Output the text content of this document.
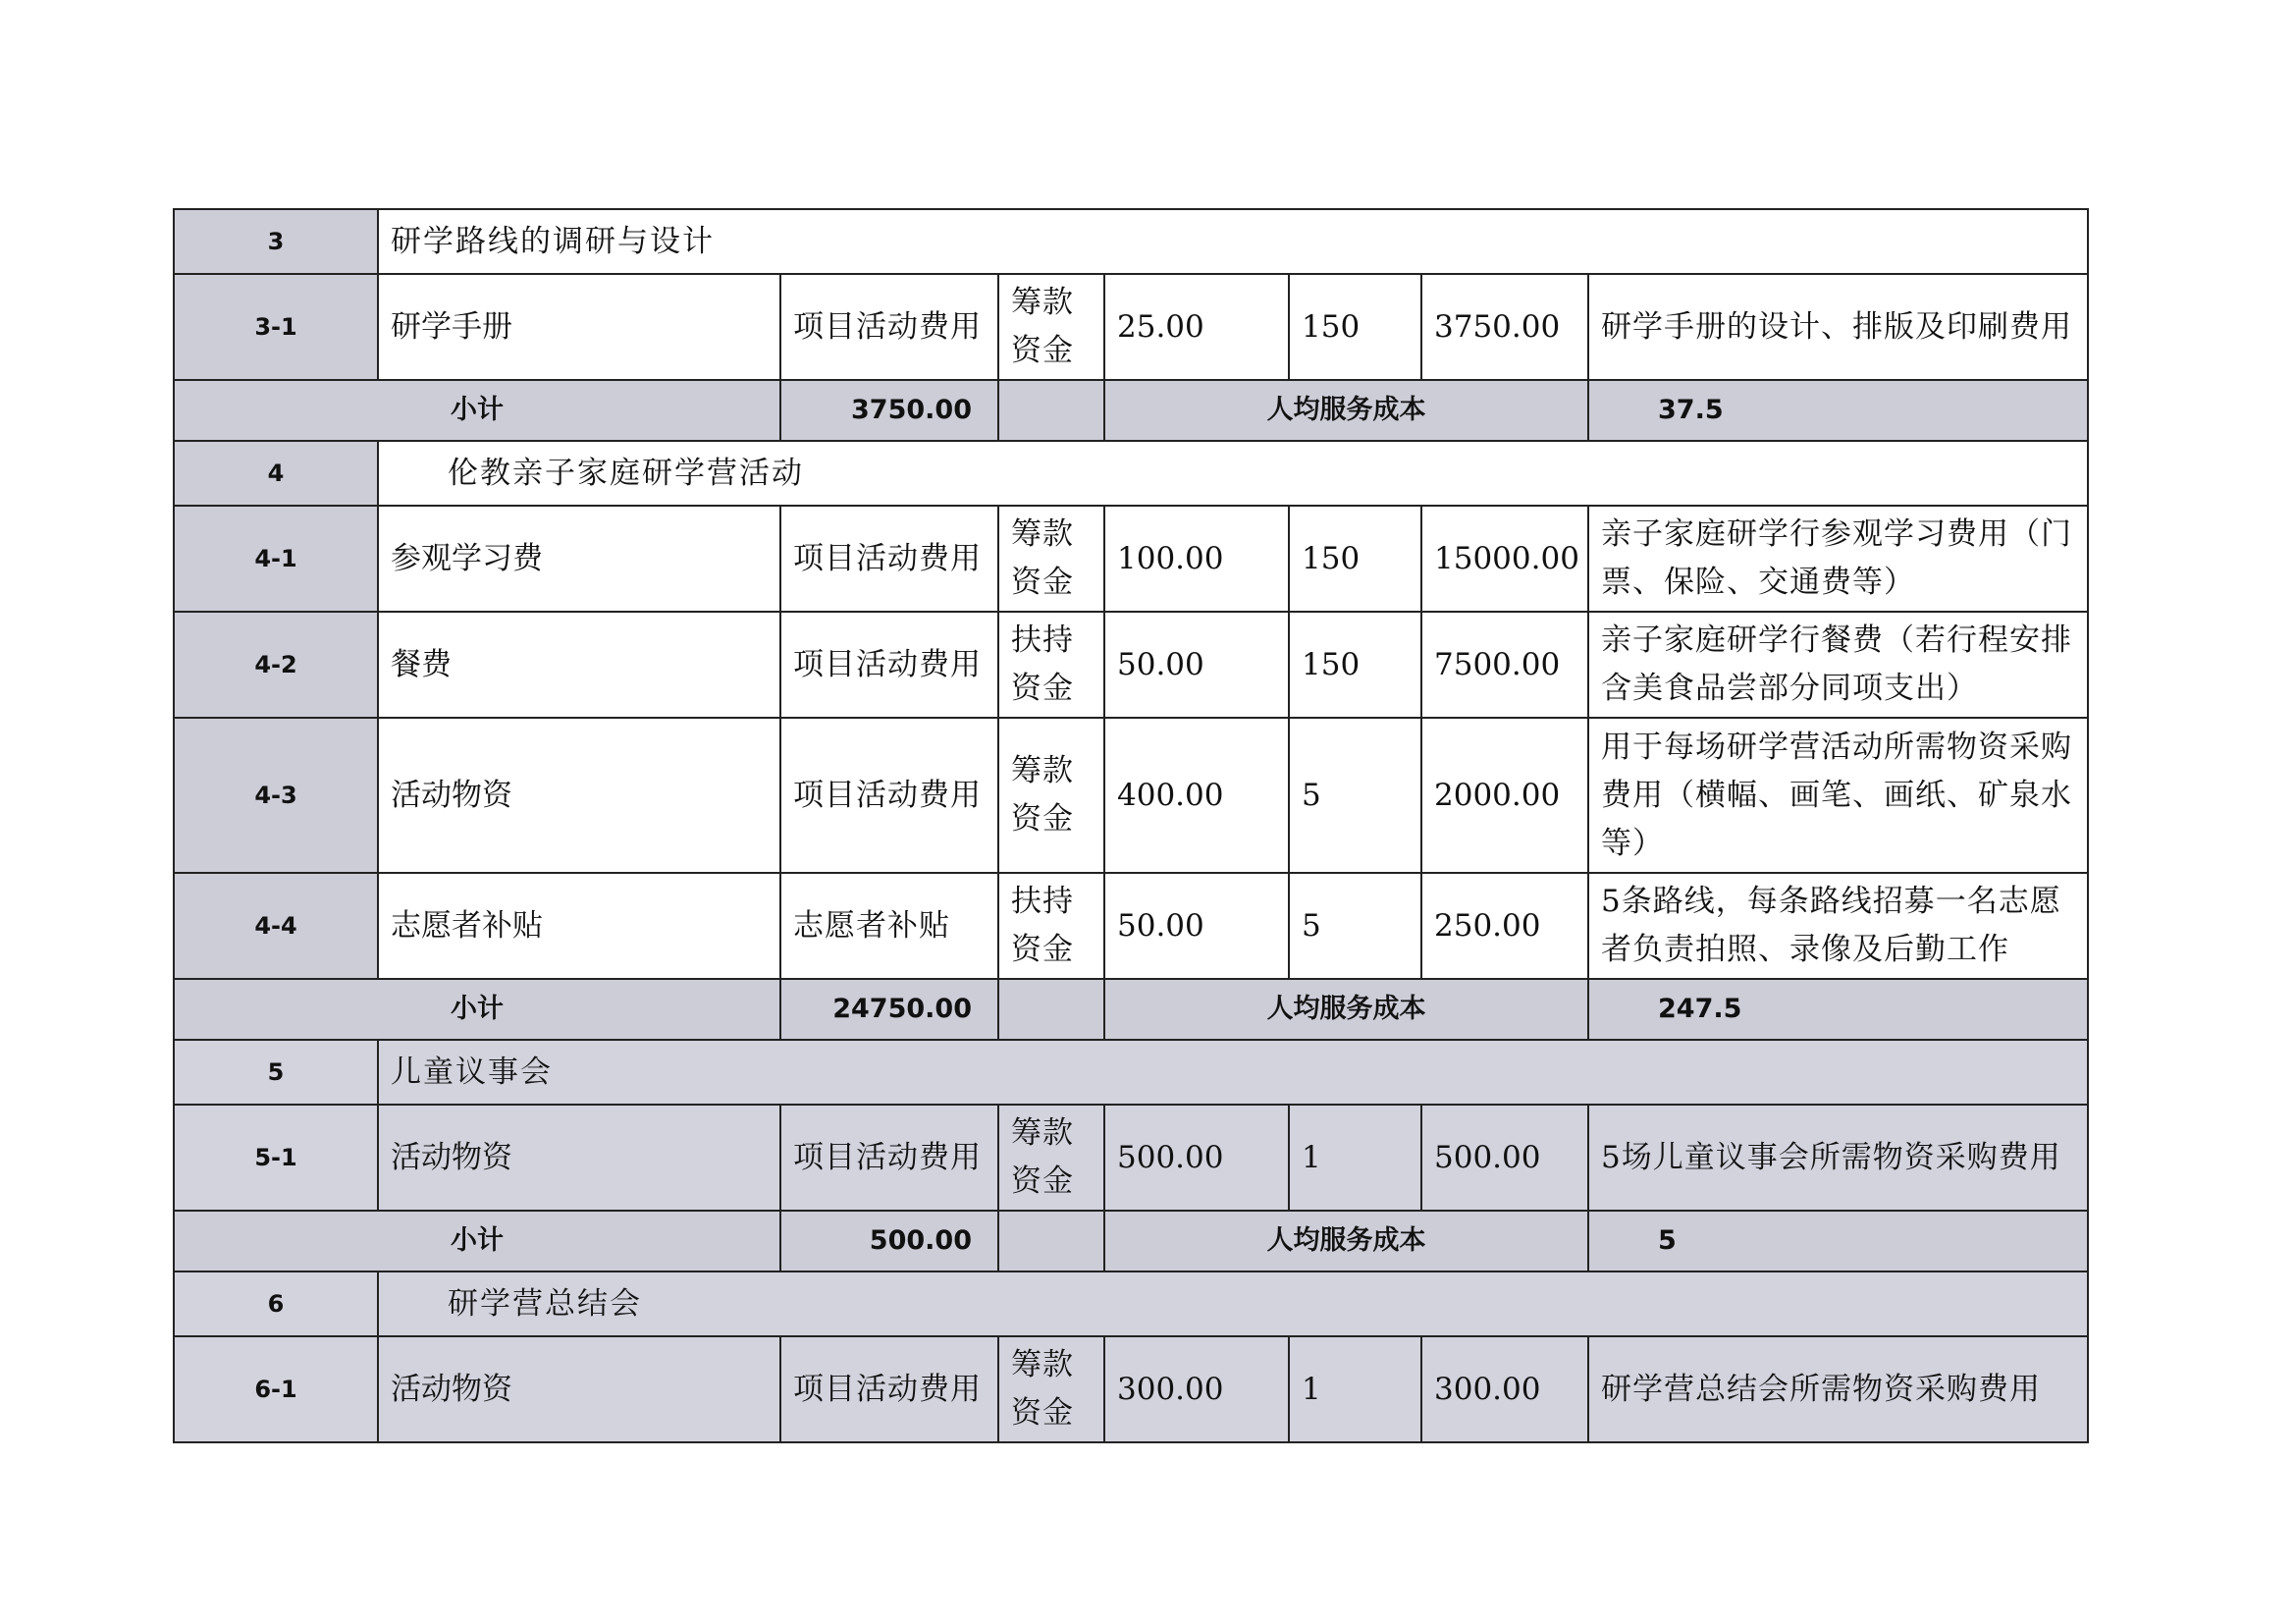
3	研学路线的调研与设计						
3-1	研学手册	项目活动费用	筹款资金	25.00	150	3750.00	研学手册的设计、排版及印刷费用
小计		3750.00		人均服务成本			37.5
4	伦教亲子家庭研学营活动						
4-1	参观学习费	项目活动费用	筹款资金	100.00	150	15000.00	亲子家庭研学行参观学习费用（门票、保险、交通费等）
4-2	餐费	项目活动费用	扶持资金	50.00	150	7500.00	亲子家庭研学行餐费（若行程安排含美食品尝部分同项支出）
4-3	活动物资	项目活动费用	筹款资金	400.00	5	2000.00	用于每场研学营活动所需物资采购费用（横幅、画笔、画纸、矿泉水等）
4-4	志愿者补贴	志愿者补贴	扶持资金	50.00	5	250.00	5条路线，每条路线招募一名志愿者负责拍照、录像及后勤工作
小计		24750.00		人均服务成本			247.5
5	儿童议事会						
5-1	活动物资	项目活动费用	筹款资金	500.00	1	500.00	5场儿童议事会所需物资采购费用
小计		500.00		人均服务成本			5
6	研学营总结会						
6-1	活动物资	项目活动费用	筹款资金	300.00	1	300.00	研学营总结会所需物资采购费用
